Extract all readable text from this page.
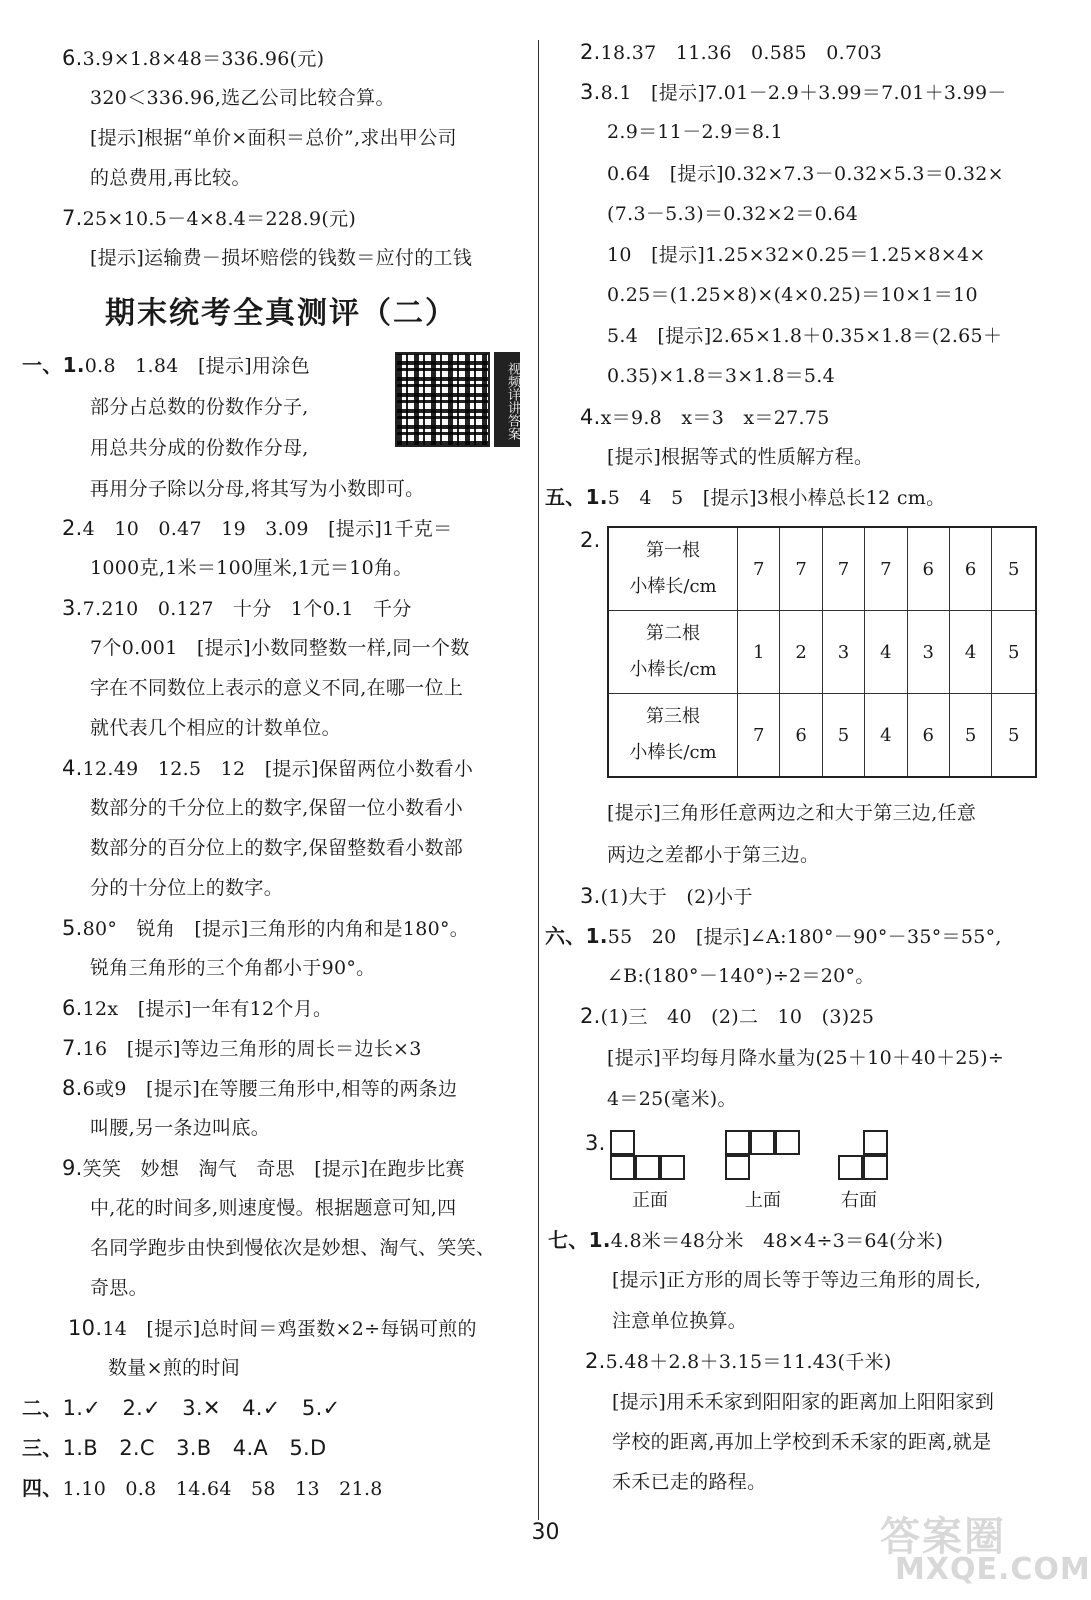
6.3.9×1.8×48＝336.96(元)
320＜336.96,选乙公司比较合算。
[提示]根据“单价×面积＝总价”,求出甲公司
的总费用,再比较。
7.25×10.5－4×8.4＝228.9(元)
[提示]运输费－损坏赔偿的钱数＝应付的工钱
期末统考全真测评（二）
视频详讲答案
一、1.0.8　1.84　[提示]用涂色
部分占总数的份数作分子,
用总共分成的份数作分母,
再用分子除以分母,将其写为小数即可。
2.4　10　0.47　19　3.09　[提示]1千克＝
1000克,1米＝100厘米,1元＝10角。
3.7.210　0.127　十分　1个0.1　千分
7个0.001　[提示]小数同整数一样,同一个数
字在不同数位上表示的意义不同,在哪一位上
就代表几个相应的计数单位。
4.12.49　12.5　12　[提示]保留两位小数看小
数部分的千分位上的数字,保留一位小数看小
数部分的百分位上的数字,保留整数看小数部
分的十分位上的数字。
5.80°　锐角　[提示]三角形的内角和是180°。
锐角三角形的三个角都小于90°。
6.12x　[提示]一年有12个月。
7.16　[提示]等边三角形的周长＝边长×3
8.6或9　[提示]在等腰三角形中,相等的两条边
叫腰,另一条边叫底。
9.笑笑　妙想　淘气　奇思　[提示]在跑步比赛
中,花的时间多,则速度慢。根据题意可知,四
名同学跑步由快到慢依次是妙想、淘气、笑笑、
奇思。
10.14　[提示]总时间＝鸡蛋数×2÷每锅可煎的
数量×煎的时间
二、1.✓　2.✓　3.✕　4.✓　5.✓
三、1.B　2.C　3.B　4.A　5.D
四、1.10　0.8　14.64　58　13　21.8
2.18.37　11.36　0.585　0.703
3.8.1　[提示]7.01－2.9＋3.99＝7.01＋3.99－
2.9＝11－2.9＝8.1
0.64　[提示]0.32×7.3－0.32×5.3＝0.32×
(7.3－5.3)＝0.32×2＝0.64
10　[提示]1.25×32×0.25＝1.25×8×4×
0.25＝(1.25×8)×(4×0.25)＝10×1＝10
5.4　[提示]2.65×1.8＋0.35×1.8＝(2.65＋
0.35)×1.8＝3×1.8＝5.4
4.x＝9.8　x＝3　x＝27.75
[提示]根据等式的性质解方程。
五、1.5　4　5　[提示]3根小棒总长12 cm。
2.	第一根
小棒长/cm	7	7	7	7	6	6	5
第二根
小棒长/cm	1	2	3	4	3	4	5
第三根
小棒长/cm	7	6	5	4	6	5	5
[提示]三角形任意两边之和大于第三边,任意
两边之差都小于第三边。
3.(1)大于　(2)小于
六、1.55　20　[提示]∠A:180°－90°－35°＝55°,
∠B:(180°－140°)÷2＝20°。
2.(1)三　40　(2)二　10　(3)25
[提示]平均每月降水量为(25＋10＋40＋25)÷
4＝25(毫米)。
3.
正面	上面	右面
七、1.4.8米＝48分米　48×4÷3＝64(分米)
[提示]正方形的周长等于等边三角形的周长,
注意单位换算。
2.5.48＋2.8＋3.15＝11.43(千米)
[提示]用禾禾家到阳阳家的距离加上阳阳家到
学校的距离,再加上学校到禾禾家的距离,就是
禾禾已走的路程。
30	答案圈
MXQE.COM
